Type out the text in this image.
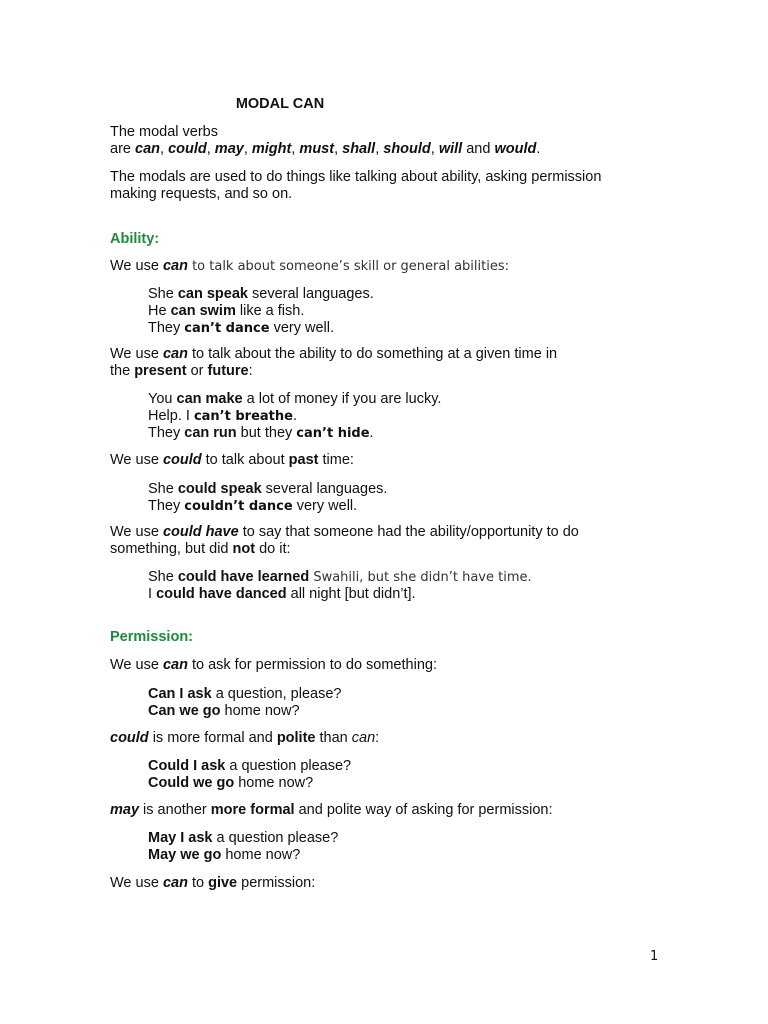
MODAL CAN
The modal verbs
are can, could, may, might, must, shall, should, will and would.
The modals are used to do things like talking about ability, asking permission
making requests, and so on.
Ability:
We use can to talk about someone’s skill or general abilities:
She can speak several languages.
He can swim like a fish.
They can’t dance very well.
We use can to talk about the ability to do something at a given time in
the present or future:
You can make a lot of money if you are lucky.
Help. I can’t breathe.
They can run but they can’t hide.
We use could to talk about past time:
She could speak several languages.
They couldn’t dance very well.
We use could have to say that someone had the ability/opportunity to do
something, but did not do it:
She could have learned Swahili, but she didn’t have time.
I could have danced all night [but didn’t].
Permission:
We use can to ask for permission to do something:
Can I ask a question, please?
Can we go home now?
could is more formal and polite than can:
Could I ask a question please?
Could we go home now?
may is another more formal and polite way of asking for permission:
May I ask a question please?
May we go home now?
We use can to give permission:
1
